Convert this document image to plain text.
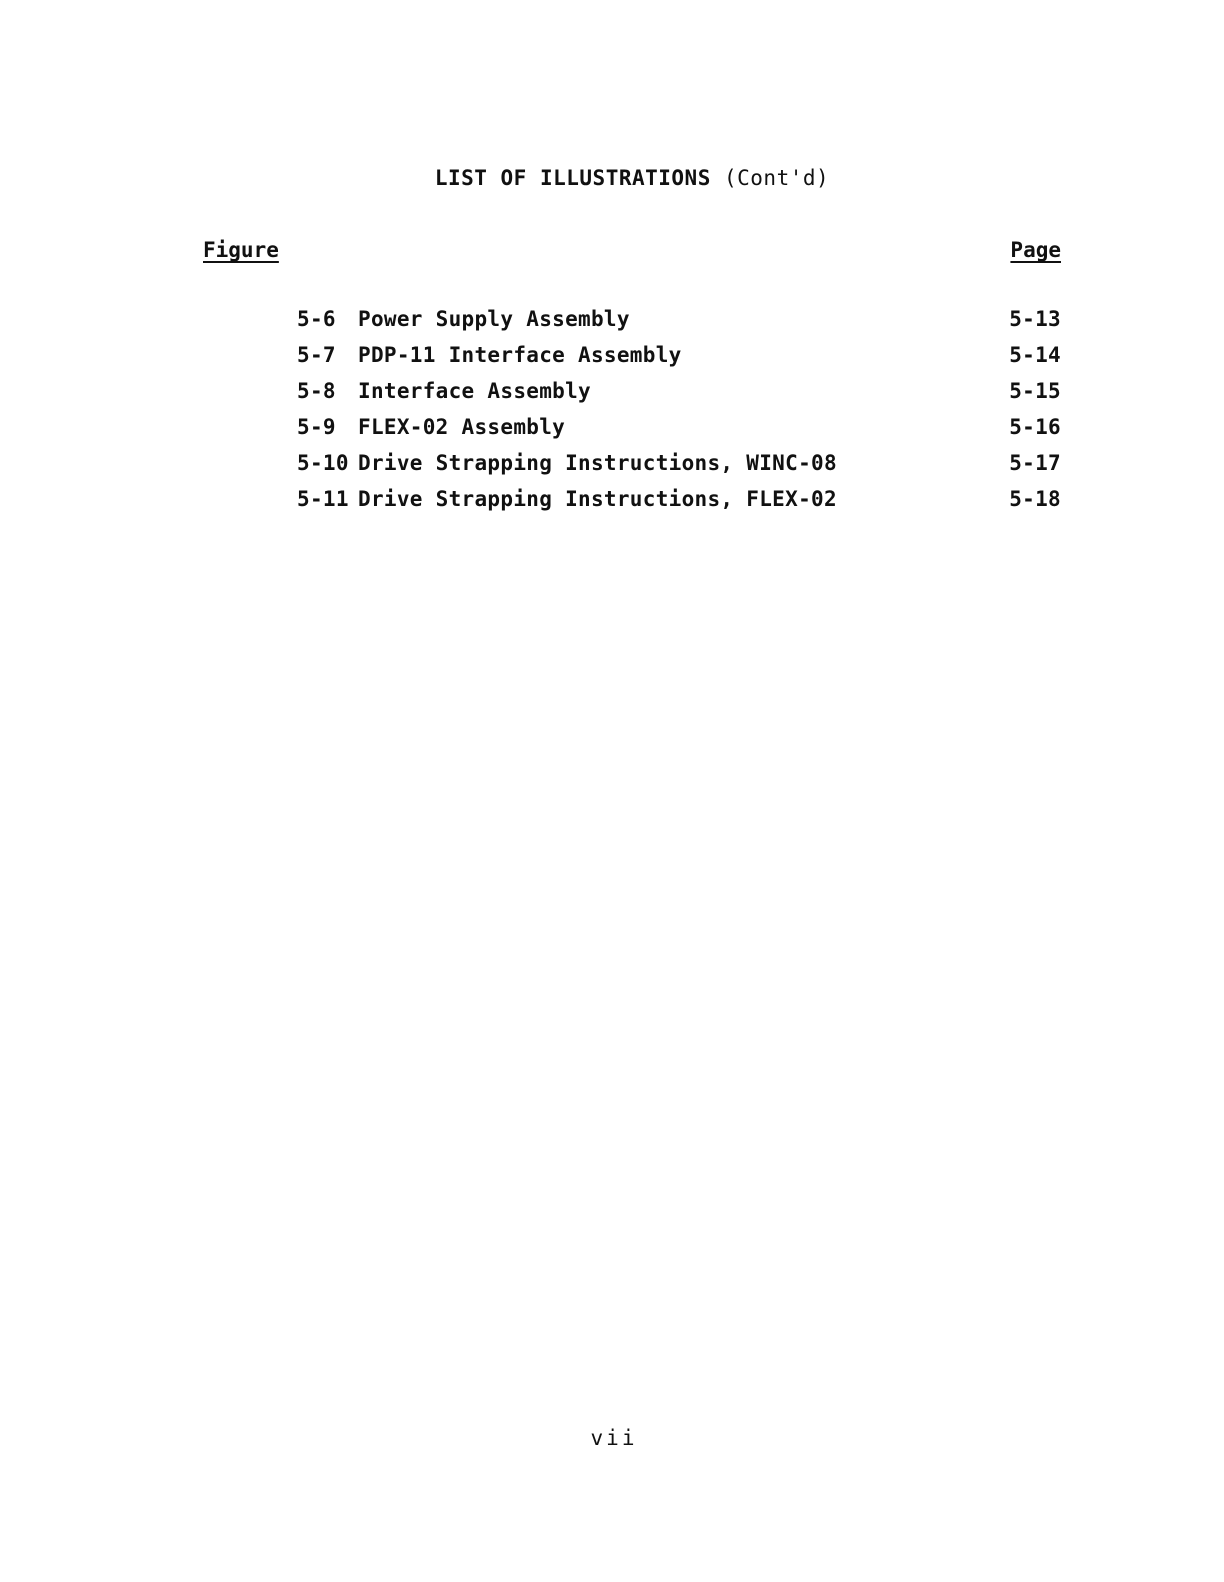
LIST OF ILLUSTRATIONS (Cont'd)
Figure	Page
5-6 Power Supply Assembly	5-13
5-7 PDP-11 Interface Assembly	5-14
5-8 Interface Assembly	5-15
5-9 FLEX-02 Assembly	5-16
5-10 Drive Strapping Instructions, WINC-08	5-17
5-11 Drive Strapping Instructions, FLEX-02	5-18
vii
